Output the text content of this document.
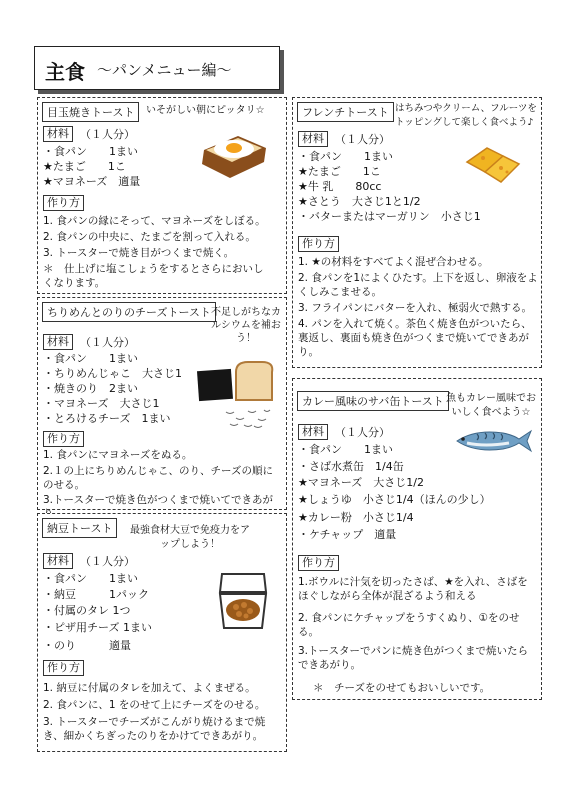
主食 ～パンメニュー編～
目玉焼きトースト	いそがしい朝にピッタリ☆
材料	（１人分）
・食パン　　1まい
★たまご　　1こ
★マヨネーズ　適量
作り方
1. 食パンの縁にそって、マヨネーズをしぼる。
2. 食パンの中央に、たまごを割って入れる。
3. トースターで焼き目がつくまで焼く。
＊　仕上げに塩こしょうをするとさらにおいしくなります。
ちりめんとのりのチーズトースト 不足しがちなカルシウムを補おう！
材料	（１人分）
・食パン　　1まい
・ちりめんじゃこ　大さじ1
・焼きのり　2まい
・マヨネーズ　大さじ1
・とろけるチーズ　1まい
作り方
1. 食パンにマヨネーズをぬる。
2.１の上にちりめんじゃこ、のり、チーズの順にのせる。
3.トースターで焼き色がつくまで焼いてできあが
納豆トースト	最強食材大豆で免疫力をアップしよう！
材料	（１人分）
・食パン　　1まい
・納豆　　　1パック
・付属のタレ 1つ
・ピザ用チーズ 1まい
・のり　　　適量
作り方
1. 納豆に付属のタレを加えて、よくまぜる。
2. 食パンに、1 をのせて上にチーズをのせる。
3. トースターでチーズがこんがり焼けるまで焼き、細かくちぎったのりをかけてできあがり。
フレンチトースト はちみつやクリーム、フルーツをトッピングして楽しく食べよう♪
材料	（１人分）
・食パン　　1まい
★たまご　　1こ
★牛 乳　　80cc
★さとう　大さじ1と1/2
・バターまたはマーガリン　小さじ1
作り方
1. ★の材料をすべてよく混ぜ合わせる。
2. 食パンを1によくひたす。上下を返し、卵液をよくしみこませる。
3. フライパンにバターを入れ、極弱火で熱する。
4. パンを入れて焼く。茶色く焼き色がついたら、裏返し、裏面も焼き色がつくまで焼いてできあがり。
カレー風味のサバ缶トースト 魚もカレー風味でおいしく食べよう☆
材料	（１人分）
・食パン　　1まい
・さば水煮缶　1/4缶
★マヨネーズ　大さじ1/2
★しょうゆ　小さじ1/4（ほんの少し）
★カレー粉　小さじ1/4
・ケチャップ　適量
作り方
1.ボウルに汁気を切ったさば、★を入れ、さばをほぐしながら全体が混ざるよう和える
2. 食パンにケチャップをうすくぬり、①をのせる。
3.トースターでパンに焼き色がつくまで焼いたらできあがり。
＊　チーズをのせてもおいしいです。
